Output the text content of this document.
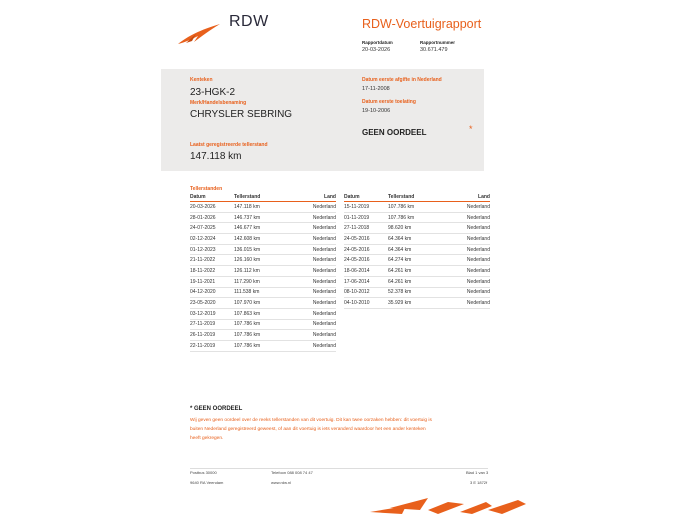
RDW	RDW-Voertuigrapport
Rapportdatum
20-03-2026
Rapportnummer
30.671.479
Kenteken
23-HGK-2
Merk/Handelsbenaming
CHRYSLER SEBRING
Laatst geregistreerde tellerstand
147.118 km
Datum eerste afgifte in Nederland
17-11-2008
Datum eerste toelating
19-10-2006
GEEN OORDEEL	*
Tellerstanden
Datum	Tellerstand	Land
20-03-2026	147.118 km	Nederland
28-01-2026	146.737 km	Nederland
24-07-2025	146.677 km	Nederland
02-12-2024	142.608 km	Nederland
01-12-2023	136.015 km	Nederland
21-11-2022	126.160 km	Nederland
18-11-2022	126.112 km	Nederland
19-11-2021	117.290 km	Nederland
04-12-2020	111.538 km	Nederland
23-05-2020	107.970 km	Nederland
03-12-2019	107.863 km	Nederland
27-11-2019	107.786 km	Nederland
26-11-2019	107.786 km	Nederland
22-11-2019	107.786 km	Nederland
Datum	Tellerstand	Land
15-11-2019	107.786 km	Nederland
01-11-2019	107.786 km	Nederland
27-11-2018	98.620 km	Nederland
24-05-2016	64.364 km	Nederland
24-05-2016	64.364 km	Nederland
24-05-2016	64.274 km	Nederland
18-06-2014	64.261 km	Nederland
17-06-2014	64.261 km	Nederland
08-10-2012	52.378 km	Nederland
04-10-2010	35.929 km	Nederland
* GEEN OORDEEL
Wij geven geen oordeel over de reeks tellerstanden van dit voertuig. Dit kan twee oorzaken hebben: dit voertuig is
buiten Nederland geregistreerd geweest, of aan dit voertuig is iets veranderd waardoor het een ander kenteken
heeft gekregen.
Postbus 30000
9640 RA Veendam
Telefoon 088 008 74 47
www.rdw.nl
Blad 1 van 3
3 E 1872f
